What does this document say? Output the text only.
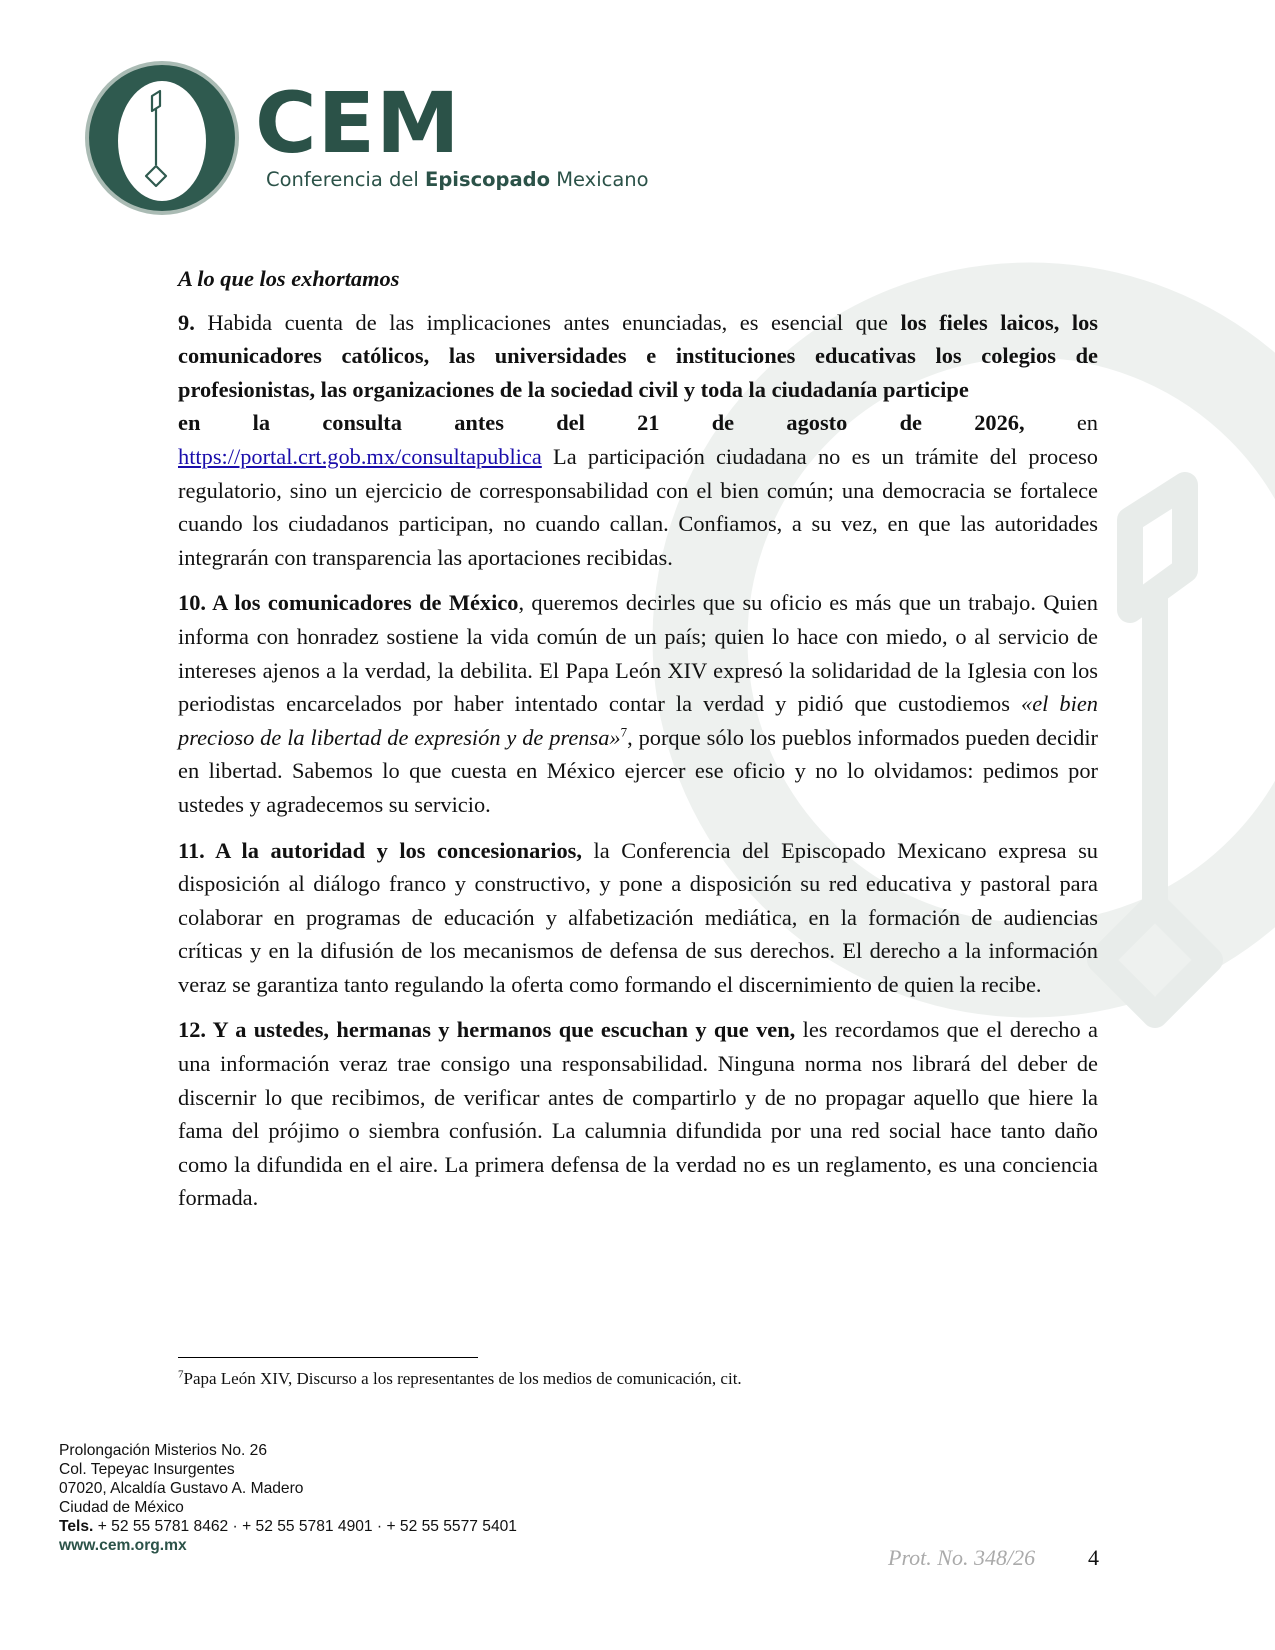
CEM
Conferencia del Episcopado Mexicano
A lo que los exhortamos

9. Habida cuenta de las implicaciones antes enunciadas, es esencial que los fieles laicos, los comunicadores católicos, las universidades e instituciones educativas los colegios de profesionistas, las organizaciones de la sociedad civil y toda la ciudadanía participe

en la consulta antes del 21 de agosto de 2026, en

https://portal.crt.gob.mx/consultapublica La participación ciudadana no es un trámite del proceso regulatorio, sino un ejercicio de corresponsabilidad con el bien común; una democracia se fortalece cuando los ciudadanos participan, no cuando callan. Confiamos, a su vez, en que las autoridades integrarán con transparencia las aportaciones recibidas.

10. A los comunicadores de México, queremos decirles que su oficio es más que un trabajo. Quien informa con honradez sostiene la vida común de un país; quien lo hace con miedo, o al servicio de intereses ajenos a la verdad, la debilita. El Papa León XIV expresó la solidaridad de la Iglesia con los periodistas encarcelados por haber intentado contar la verdad y pidió que custodiemos «el bien precioso de la libertad de expresión y de prensa»$^7$, porque sólo los pueblos informados pueden decidir en libertad. Sabemos lo que cuesta en México ejercer ese oficio y no lo olvidamos: pedimos por ustedes y agradecemos su servicio.

11. A la autoridad y los concesionarios, la Conferencia del Episcopado Mexicano expresa su disposición al diálogo franco y constructivo, y pone a disposición su red educativa y pastoral para colaborar en programas de educación y alfabetización mediática, en la formación de audiencias críticas y en la difusión de los mecanismos de defensa de sus derechos. El derecho a la información veraz se garantiza tanto regulando la oferta como formando el discernimiento de quien la recibe.

12. Y a ustedes, hermanas y hermanos que escuchan y que ven, les recordamos que el derecho a una información veraz trae consigo una responsabilidad. Ninguna norma nos librará del deber de discernir lo que recibimos, de verificar antes de compartirlo y de no propagar aquello que hiere la fama del prójimo o siembra confusión. La calumnia difundida por una red social hace tanto daño como la difundida en el aire. La primera defensa de la verdad no es un reglamento, es una conciencia formada.

$^7$Papa León XIV, Discurso a los representantes de los medios de comunicación, cit.
Prolongación Misterios No. 26
Col. Tepeyac Insurgentes
07020, Alcaldía Gustavo A. Madero
Ciudad de México
Tels. + 52 55 5781 8462 · + 52 55 5781 4901 · + 52 55 5577 5401
www.cem.org.mx	Prot. No. 348/26 4
